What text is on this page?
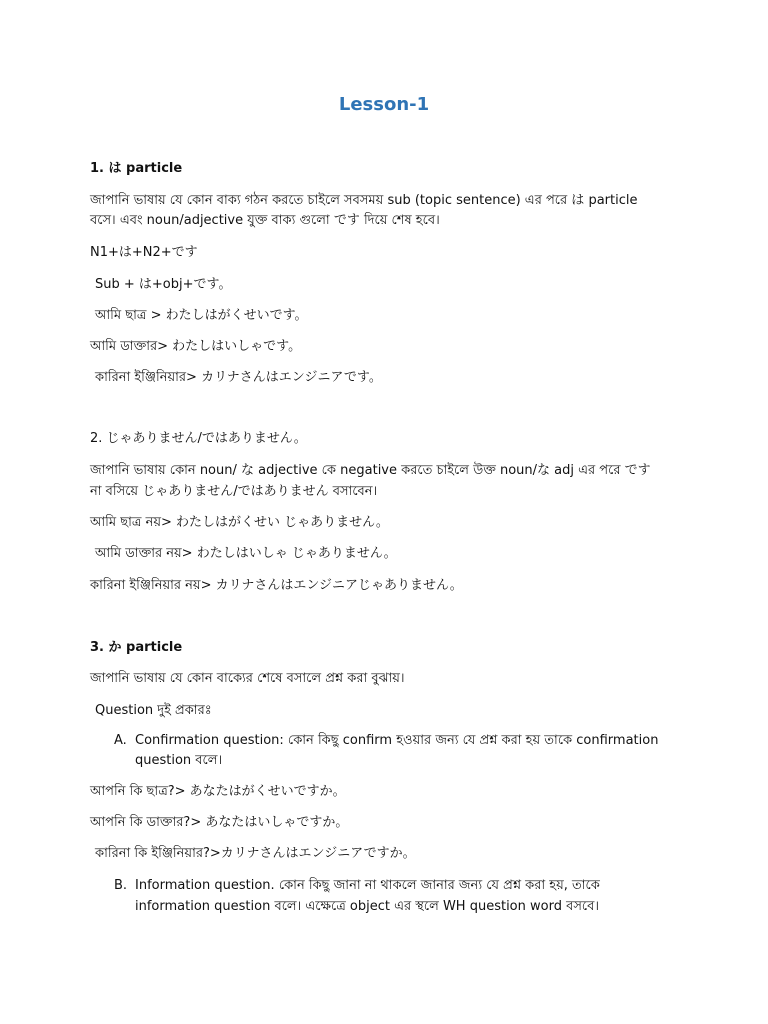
Lesson-1
1. は particle
জাপানি ভাষায় যে কোন বাক্য গঠন করতে চাইলে সবসময় sub (topic sentence) এর পরে は particle
বসে। এবং noun/adjective যুক্ত বাক্য গুলো です দিয়ে শেষ হবে।
N1+は+N2+です
Sub + は+obj+です。
আমি ছাত্র > わたしはがくせいです。
আমি ডাক্তার> わたしはいしゃです。
কারিনা ইঞ্জিনিয়ার> カリナさんはエンジニアです。
2. じゃありません/ではありません。
জাপানি ভাষায় কোন noun/ な adjective কে negative করতে চাইলে উক্ত noun/な adj এর পরে です
না বসিয়ে じゃありません/ではありません বসাবেন।
আমি ছাত্র নয়> わたしはがくせい じゃありません。
আমি ডাক্তার নয়> わたしはいしゃ じゃありません。
কারিনা ইঞ্জিনিয়ার নয়> カリナさんはエンジニアじゃありません。
3. か particle
জাপানি ভাষায় যে কোন বাক্যের শেষে বসালে প্রশ্ন করা বুঝায়।
Question দুই প্রকারঃ
A. Confirmation question: কোন কিছু confirm হওয়ার জন্য যে প্রশ্ন করা হয় তাকে confirmation
question বলে।
আপনি কি ছাত্র?> あなたはがくせいですか。
আপনি কি ডাক্তার?> あなたはいしゃですか。
কারিনা কি ইঞ্জিনিয়ার?>カリナさんはエンジニアですか。
B. Information question. কোন কিছু জানা না থাকলে জানার জন্য যে প্রশ্ন করা হয়, তাকে
information question বলে। এক্ষেত্রে object এর স্থলে WH question word বসবে।
